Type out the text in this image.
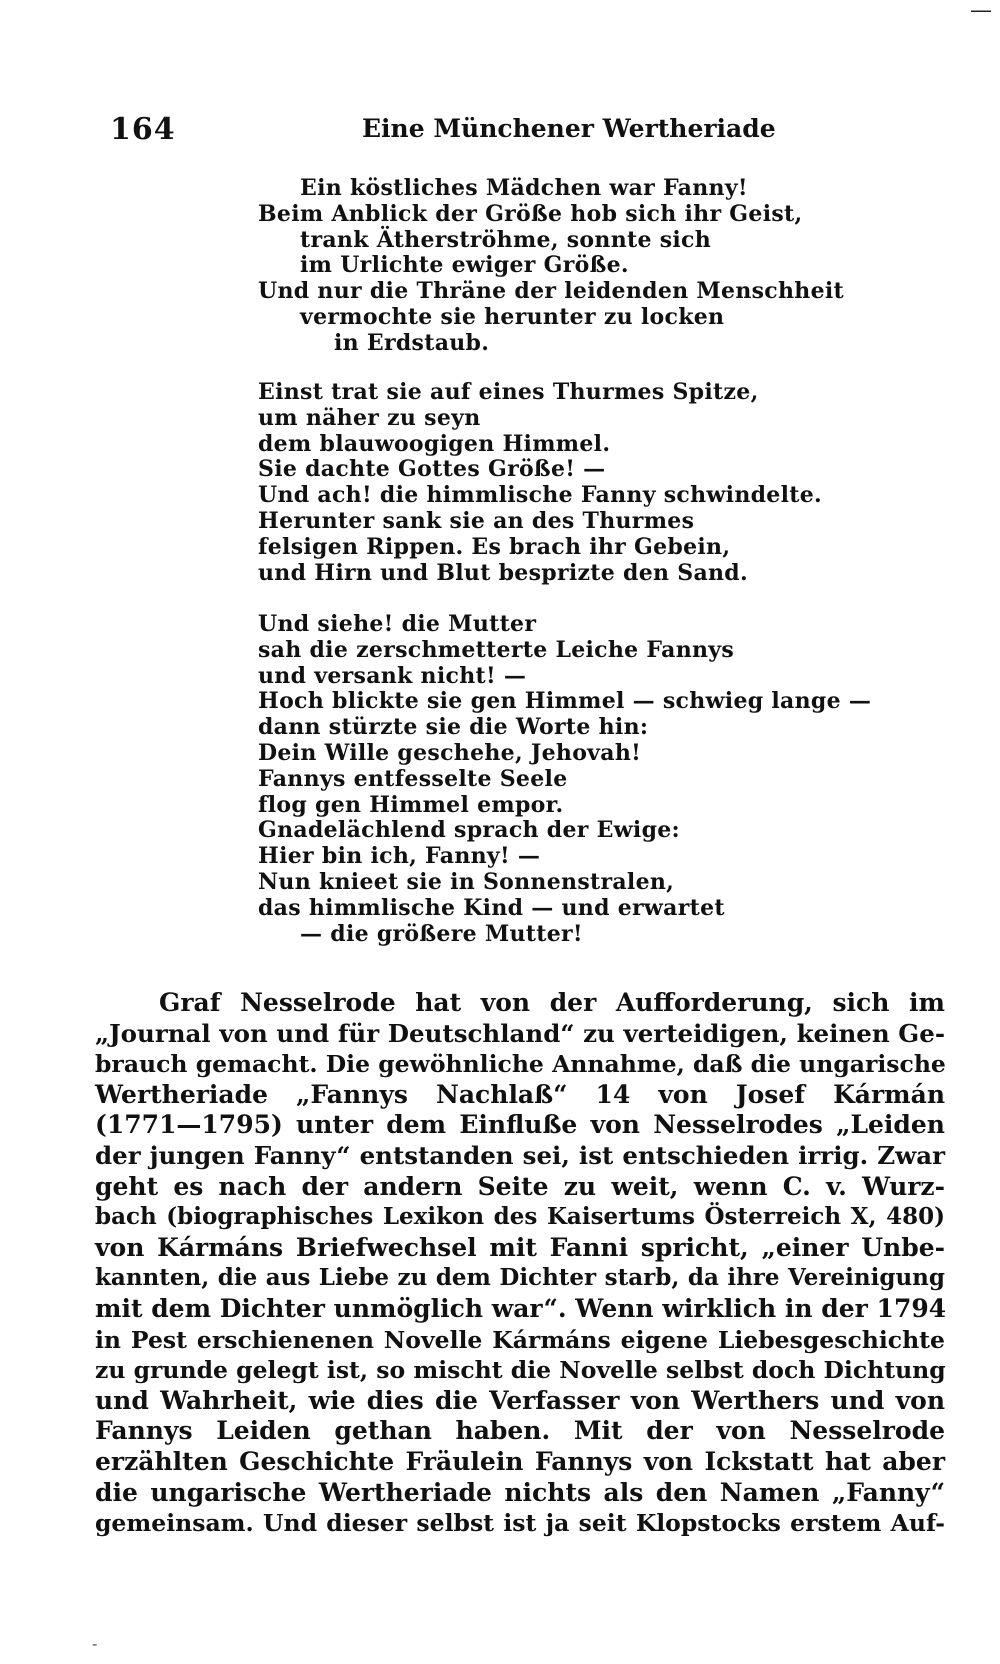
—
164	Eine Münchener Wertheriade
Ein köstliches Mädchen war Fanny!
Beim Anblick der Größe hob sich ihr Geist,
trank Ätherströhme, sonnte sich
im Urlichte ewiger Größe.
Und nur die Thräne der leidenden Menschheit
vermochte sie herunter zu locken
in Erdstaub.
Einst trat sie auf eines Thurmes Spitze,
um näher zu seyn
dem blauwoogigen Himmel.
Sie dachte Gottes Größe! —
Und ach! die himmlische Fanny schwindelte.
Herunter sank sie an des Thurmes
felsigen Rippen. Es brach ihr Gebein,
und Hirn und Blut besprizte den Sand.
Und siehe! die Mutter
sah die zerschmetterte Leiche Fannys
und versank nicht! —
Hoch blickte sie gen Himmel — schwieg lange —
dann stürzte sie die Worte hin:
Dein Wille geschehe, Jehovah!
Fannys entfesselte Seele
flog gen Himmel empor.
Gnadelächlend sprach der Ewige:
Hier bin ich, Fanny! —
Nun knieet sie in Sonnenstralen,
das himmlische Kind — und erwartet
— die größere Mutter!
Graf Nesselrode hat von der Aufforderung, sich im
„Journal von und für Deutschland“ zu verteidigen, keinen Ge-
brauch gemacht. Die gewöhnliche Annahme, daß die ungarische
Wertheriade „Fannys Nachlaß“ 14 von Josef Kármán
(1771—1795) unter dem Einfluße von Nesselrodes „Leiden
der jungen Fanny“ entstanden sei, ist entschieden irrig. Zwar
geht es nach der andern Seite zu weit, wenn C. v. Wurz-
bach (biographisches Lexikon des Kaisertums Österreich X, 480)
von Kármáns Briefwechsel mit Fanni spricht, „einer Unbe-
kannten, die aus Liebe zu dem Dichter starb, da ihre Vereinigung
mit dem Dichter unmöglich war“. Wenn wirklich in der 1794
in Pest erschienenen Novelle Kármáns eigene Liebesgeschichte
zu grunde gelegt ist, so mischt die Novelle selbst doch Dichtung
und Wahrheit, wie dies die Verfasser von Werthers und von
Fannys Leiden gethan haben. Mit der von Nesselrode
erzählten Geschichte Fräulein Fannys von Ickstatt hat aber
die ungarische Wertheriade nichts als den Namen „Fanny“
gemeinsam. Und dieser selbst ist ja seit Klopstocks erstem Auf-
-
